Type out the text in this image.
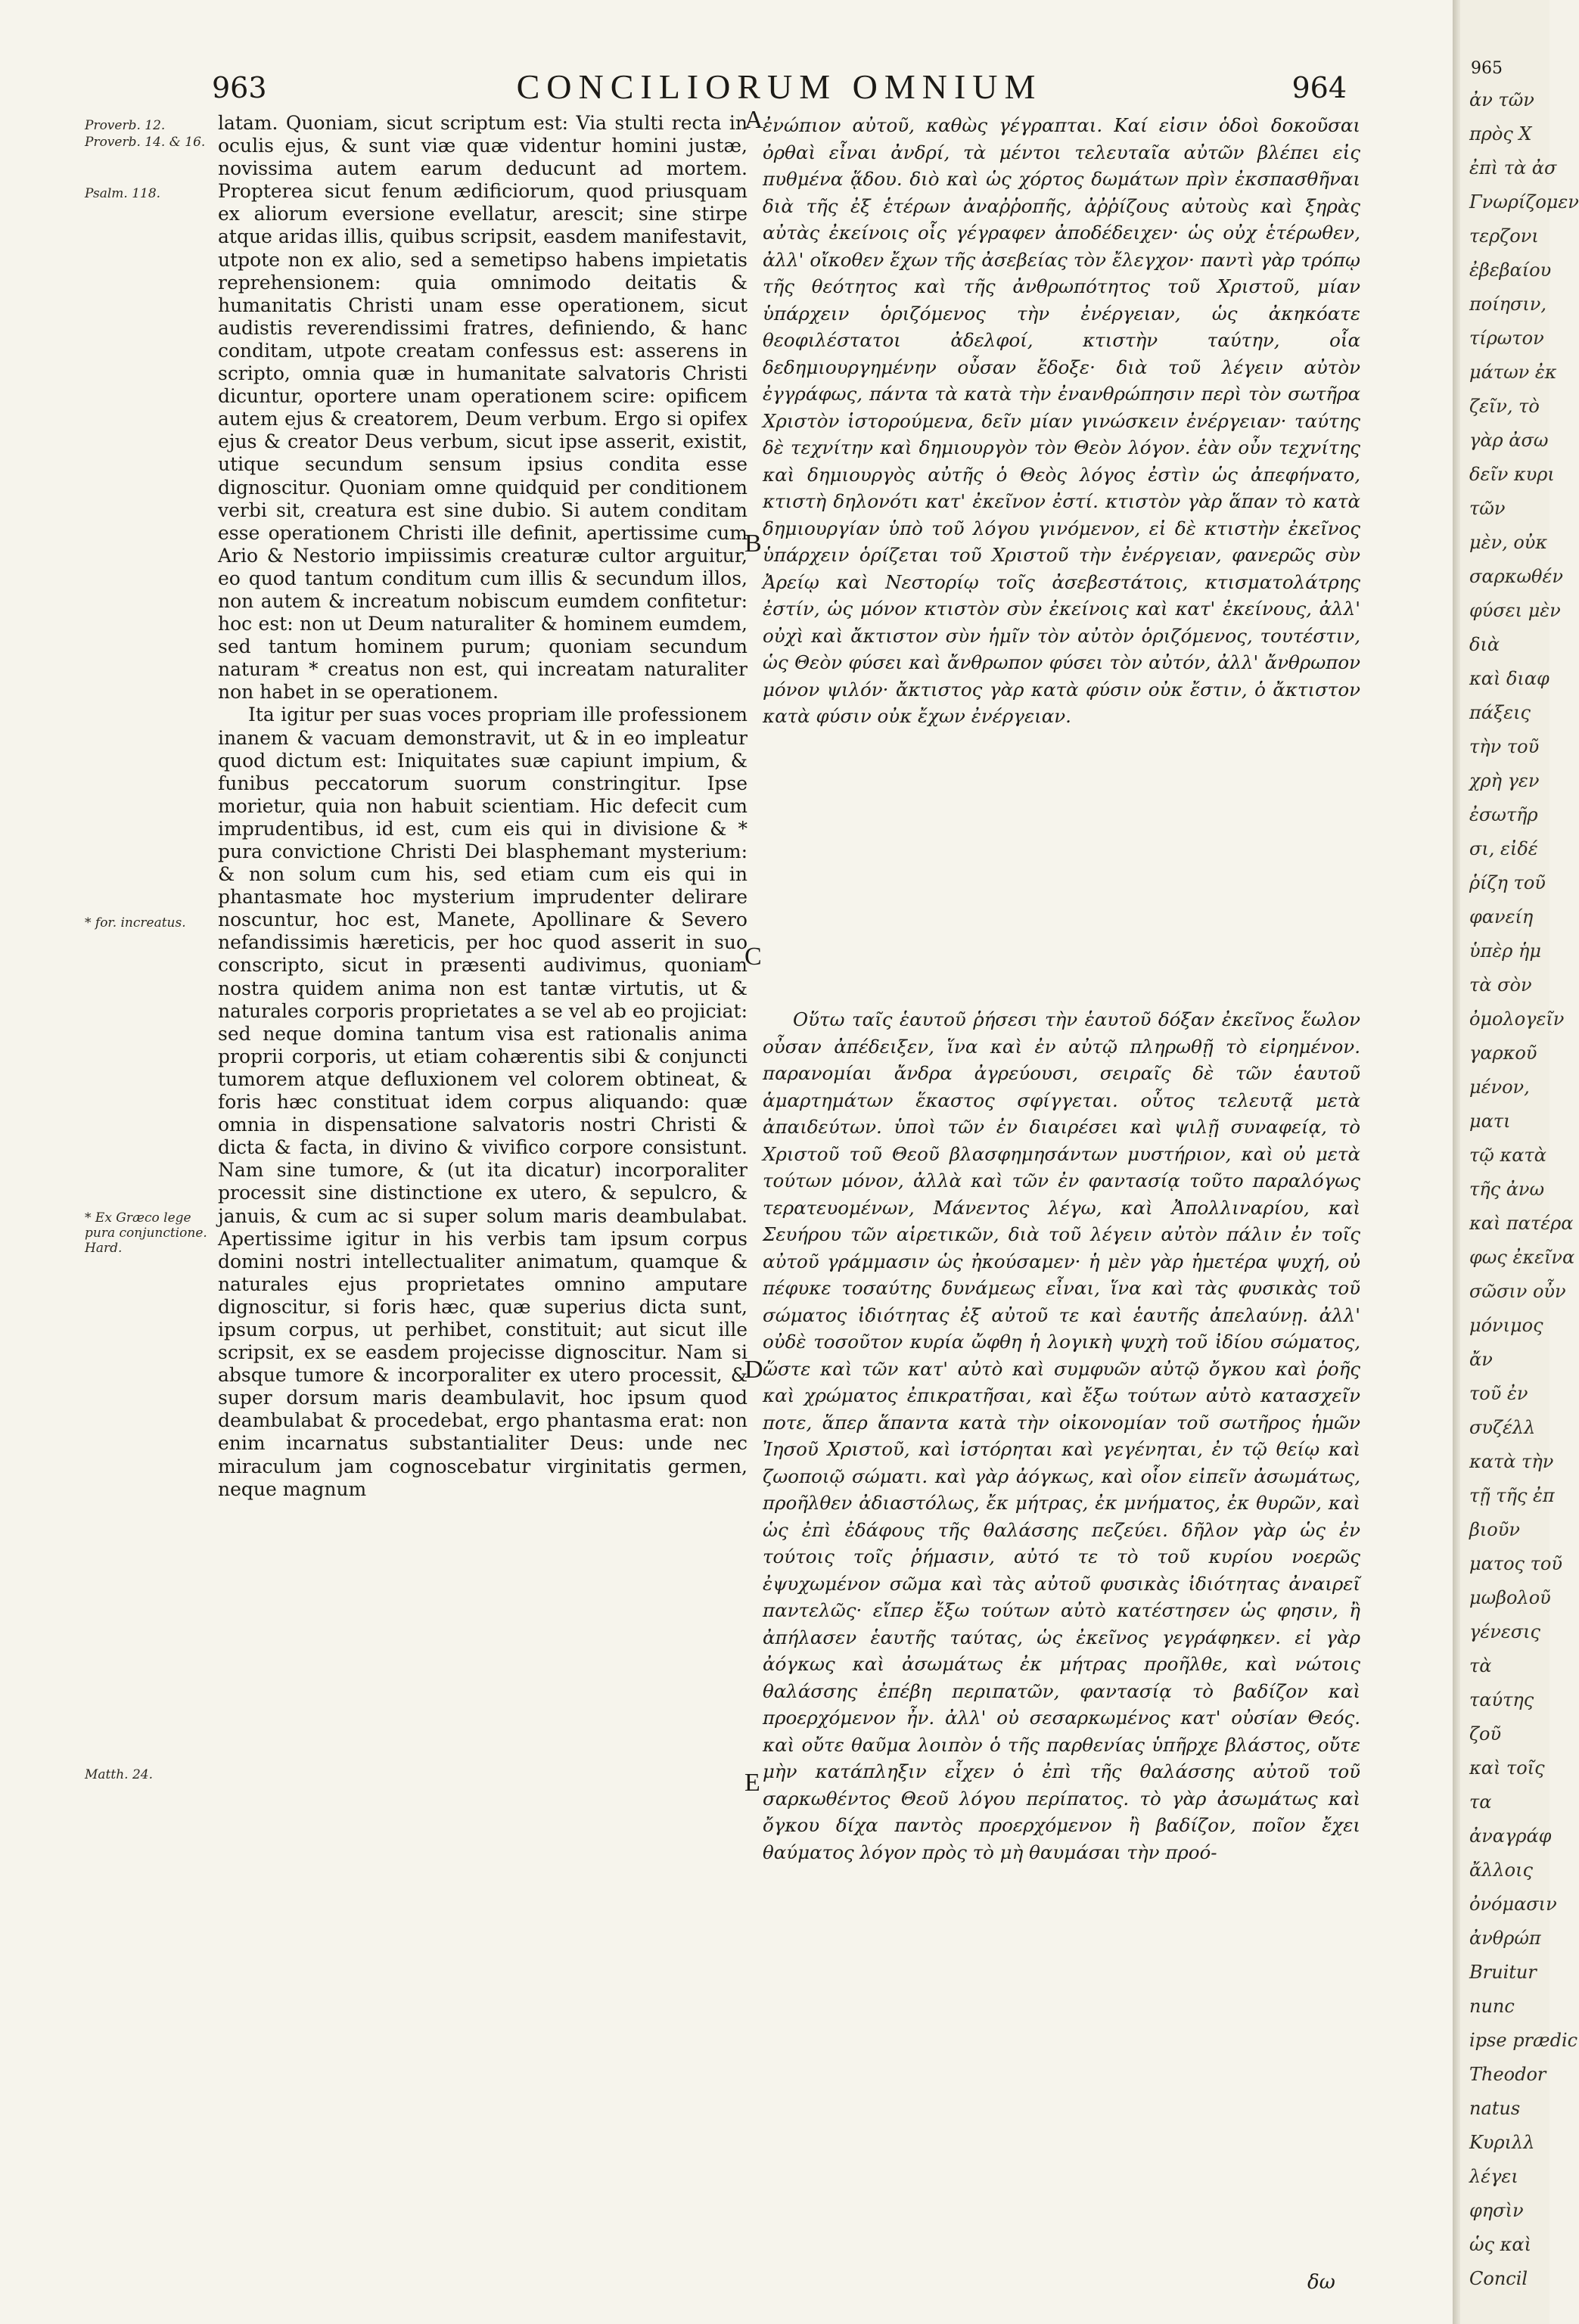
963	CONCILIORUM OMNIUM	964
Proverb. 12.
Proverb. 14. & 16.
Psalm. 118.
* for. increatus.
* Ex Græco lege pura conjunctione. Hard.
Matth. 24.

latam. Quoniam, sicut scriptum est: Via stulti recta in oculis ejus, & sunt viæ quæ videntur homini justæ, novissima autem earum deducunt ad mortem. Propterea sicut fenum ædificiorum, quod priusquam ex aliorum eversione evellatur, arescit; sine stirpe atque aridas illis, quibus scripsit, easdem manifestavit, utpote non ex alio, sed a semetipso habens impietatis reprehensionem: quia omnimodo deitatis & humanitatis Christi unam esse operationem, sicut audistis reverendissimi fratres, definiendo, & hanc conditam, utpote creatam confessus est: asserens in scripto, omnia quæ in humanitate salvatoris Christi dicuntur, oportere unam operationem scire: opificem autem ejus & creatorem, Deum verbum. Ergo si opifex ejus & creator Deus verbum, sicut ipse asserit, existit, utique secundum sensum ipsius condita esse dignoscitur. Quoniam omne quidquid per conditionem verbi sit, creatura est sine dubio. Si autem conditam esse operationem Christi ille definit, apertissime cum Ario & Nestorio impiissimis creaturæ cultor arguitur, eo quod tantum conditum cum illis & secundum illos, non autem & increatum nobiscum eumdem confitetur: hoc est: non ut Deum naturaliter & hominem eumdem, sed tantum hominem purum; quoniam secundum naturam * creatus non est, qui increatam naturaliter non habet in se operationem.

Ita igitur per suas voces propriam ille professionem inanem & vacuam demonstravit, ut & in eo impleatur quod dictum est: Iniquitates suæ capiunt impium, & funibus peccatorum suorum constringitur. Ipse morietur, quia non habuit scientiam. Hic defecit cum imprudentibus, id est, cum eis qui in divisione & * pura convictione Christi Dei blasphemant mysterium: & non solum cum his, sed etiam cum eis qui in phantasmate hoc mysterium imprudenter delirare noscuntur, hoc est, Manete, Apollinare & Severo nefandissimis hæreticis, per hoc quod asserit in suo conscripto, sicut in præsenti audivimus, quoniam nostra quidem anima non est tantæ virtutis, ut & naturales corporis proprietates a se vel ab eo projiciat: sed neque domina tantum visa est rationalis anima proprii corporis, ut etiam cohærentis sibi & conjuncti tumorem atque defluxionem vel colorem obtineat, & foris hæc constituat idem corpus aliquando: quæ omnia in dispensatione salvatoris nostri Christi & dicta & facta, in divino & vivifico corpore consistunt. Nam sine tumore, & (ut ita dicatur) incorporaliter processit sine distinctione ex utero, & sepulcro, & januis, & cum ac si super solum maris deambulabat. Apertissime igitur in his verbis tam ipsum corpus domini nostri intellectualiter animatum, quamque & naturales ejus proprietates omnino amputare dignoscitur, si foris hæc, quæ superius dicta sunt, ipsum corpus, ut perhibet, constituit; aut sicut ille scripsit, ex se easdem projecisse dignoscitur. Nam si absque tumore & incorporaliter ex utero processit, & super dorsum maris deambulavit, hoc ipsum quod deambulabat & procedebat, ergo phantasma erat: non enim incarnatus substantialiter Deus: unde nec miraculum jam cognoscebatur virginitatis germen, neque magnum

A
B
C
D
E

ἐνώπιον αὐτοῦ, καθὼς γέγραπται. Καί εἰσιν ὁδοὶ δοκοῦσαι ὀρθαὶ εἶναι ἀνδρί, τὰ μέντοι τελευταῖα αὐτῶν βλέπει εἰς πυθμένα ᾅδου. διὸ καὶ ὡς χόρτος δωμάτων πρὶν ἐκσπασθῆναι διὰ τῆς ἐξ ἑτέρων ἀναῤῥοπῆς, ἀῤῥίζους αὐτοὺς καὶ ξηρὰς αὐτὰς ἐκείνοις οἷς γέγραφεν ἀποδέδειχεν· ὡς οὐχ ἑτέρωθεν, ἀλλ' οἴκοθεν ἔχων τῆς ἀσεβείας τὸν ἔλεγχον· παντὶ γὰρ τρόπῳ τῆς θεότητος καὶ τῆς ἀνθρωπότητος τοῦ Χριστοῦ, μίαν ὑπάρχειν ὁριζόμενος τὴν ἐνέργειαν, ὡς ἀκηκόατε θεοφιλέστατοι ἀδελφοί, κτιστὴν ταύτην, οἷα δεδημιουργημένην οὖσαν ἔδοξε· διὰ τοῦ λέγειν αὐτὸν ἐγγράφως, πάντα τὰ κατὰ τὴν ἐνανθρώπησιν περὶ τὸν σωτῆρα Χριστὸν ἱστορούμενα, δεῖν μίαν γινώσκειν ἐνέργειαν· ταύτης δὲ τεχνίτην καὶ δημιουργὸν τὸν Θεὸν λόγον. ἐὰν οὖν τεχνίτης καὶ δημιουργὸς αὐτῆς ὁ Θεὸς λόγος ἐστὶν ὡς ἀπεφήνατο, κτιστὴ δηλονότι κατ' ἐκεῖνον ἐστί. κτιστὸν γὰρ ἅπαν τὸ κατὰ δημιουργίαν ὑπὸ τοῦ λόγου γινόμενον, εἰ δὲ κτιστὴν ἐκεῖνος ὑπάρχειν ὁρίζεται τοῦ Χριστοῦ τὴν ἐνέργειαν, φανερῶς σὺν Ἀρείῳ καὶ Νεστορίῳ τοῖς ἀσεβεστάτοις, κτισματολάτρης ἐστίν, ὡς μόνον κτιστὸν σὺν ἐκείνοις καὶ κατ' ἐκείνους, ἀλλ' οὐχὶ καὶ ἄκτιστον σὺν ἡμῖν τὸν αὐτὸν ὁριζόμενος, τουτέστιν, ὡς Θεὸν φύσει καὶ ἄνθρωπον φύσει τὸν αὐτόν, ἀλλ' ἄνθρωπον μόνον ψιλόν· ἄκτιστος γὰρ κατὰ φύσιν οὐκ ἔστιν, ὁ ἄκτιστον κατὰ φύσιν οὐκ ἔχων ἐνέργειαν.

Οὕτω ταῖς ἑαυτοῦ ῥήσεσι τὴν ἑαυτοῦ δόξαν ἐκεῖνος ἕωλον οὖσαν ἀπέδειξεν, ἵνα καὶ ἐν αὐτῷ πληρωθῇ τὸ εἰρημένον. παρανομίαι ἄνδρα ἀγρεύουσι, σειραῖς δὲ τῶν ἑαυτοῦ ἁμαρτημάτων ἕκαστος σφίγγεται. οὗτος τελευτᾷ μετὰ ἀπαιδεύτων. ὑποὶ τῶν ἐν διαιρέσει καὶ ψιλῇ συναφείᾳ, τὸ Χριστοῦ τοῦ Θεοῦ βλασφημησάντων μυστήριον, καὶ οὐ μετὰ τούτων μόνον, ἀλλὰ καὶ τῶν ἐν φαντασίᾳ τοῦτο παραλόγως τερατευομένων, Μάνεντος λέγω, καὶ Ἀπολλιναρίου, καὶ Σευήρου τῶν αἱρετικῶν, διὰ τοῦ λέγειν αὐτὸν πάλιν ἐν τοῖς αὐτοῦ γράμμασιν ὡς ἠκούσαμεν· ἡ μὲν γὰρ ἡμετέρα ψυχή, οὐ πέφυκε τοσαύτης δυνάμεως εἶναι, ἵνα καὶ τὰς φυσικὰς τοῦ σώματος ἰδιότητας ἐξ αὐτοῦ τε καὶ ἑαυτῆς ἀπελαύνῃ. ἀλλ' οὐδὲ τοσοῦτον κυρία ὤφθη ἡ λογικὴ ψυχὴ τοῦ ἰδίου σώματος, ὥστε καὶ τῶν κατ' αὐτὸ καὶ συμφυῶν αὐτῷ ὄγκου καὶ ῥοῆς καὶ χρώματος ἐπικρατῆσαι, καὶ ἔξω τούτων αὐτὸ κατασχεῖν ποτε, ἅπερ ἅπαντα κατὰ τὴν οἰκονομίαν τοῦ σωτῆρος ἡμῶν Ἰησοῦ Χριστοῦ, καὶ ἱστόρηται καὶ γεγένηται, ἐν τῷ θείῳ καὶ ζωοποιῷ σώματι. καὶ γὰρ ἀόγκως, καὶ οἷον εἰπεῖν ἀσωμάτως, προῆλθεν ἀδιαστόλως, ἔκ μήτρας, ἐκ μνήματος, ἐκ θυρῶν, καὶ ὡς ἐπὶ ἐδάφους τῆς θαλάσσης πεζεύει. δῆλον γὰρ ὡς ἐν τούτοις τοῖς ῥήμασιν, αὐτό τε τὸ τοῦ κυρίου νοερῶς ἐψυχωμένον σῶμα καὶ τὰς αὐτοῦ φυσικὰς ἰδιότητας ἀναιρεῖ παντελῶς· εἴπερ ἔξω τούτων αὐτὸ κατέστησεν ὡς φησιν, ἢ ἀπήλασεν ἑαυτῆς ταύτας, ὡς ἐκεῖνος γεγράφηκεν. εἰ γὰρ ἀόγκως καὶ ἀσωμάτως ἐκ μήτρας προῆλθε, καὶ νώτοις θαλάσσης ἐπέβη περιπατῶν, φαντασίᾳ τὸ βαδίζον καὶ προερχόμενον ἦν. ἀλλ' οὐ σεσαρκωμένος κατ' οὐσίαν Θεός. καὶ οὔτε θαῦμα λοιπὸν ὁ τῆς παρθενίας ὑπῆρχε βλάστος, οὔτε μὴν κατάπληξιν εἶχεν ὁ ἐπὶ τῆς θαλάσσης αὐτοῦ τοῦ σαρκωθέντος Θεοῦ λόγου περίπατος. τὸ γὰρ ἀσωμάτως καὶ ὄγκου δίχα παντὸς προερχόμενον ἢ βαδίζον, ποῖον ἔχει θαύματος λόγον πρὸς τὸ μὴ θαυμάσαι τὴν προό-

δω
965
ἀν τῶν
πρὸς Χ
ἐπὶ τὰ ἀσ
Γνωρίζομεν
τερζονι
ἐβεβαίου
ποίησιν,
τίρωτον
μάτων ἐκ
ζεῖν, τὸ
γὰρ ἀσω
δεῖν κυρι
τῶν
μὲν, οὐκ
σαρκωθέν
φύσει μὲν
διὰ
καὶ διαφ
πάξεις
τὴν τοῦ
χρὴ γεν
ἐσωτῆρ
σι, εἰδέ
ῥίζη τοῦ
φανείη
ὑπὲρ ἡμ
τὰ σὸν
ὀμολογεῖν
γαρκοῦ
μένον,
ματι
τῷ κατὰ
τῆς ἀνω
καὶ πατέρα
φως ἐκεῖνα
σῶσιν οὖν
μόνιμος
ἄν
τοῦ ἐν
συζέλλ
κατὰ τὴν
τῇ τῆς ἐπ
βιοῦν
ματος τοῦ
μωβολοῦ
γένεσις
τὰ
ταύτης
ζοῦ
καὶ τοῖς
τα
ἀναγράφ
ἄλλοις
ὀνόμασιν
ἀνθρώπ
Bruitur
nunc
ipse prædic
Theodor
natus
Κυριλλ
λέγει
φησὶν
ὡς καὶ
Concil
